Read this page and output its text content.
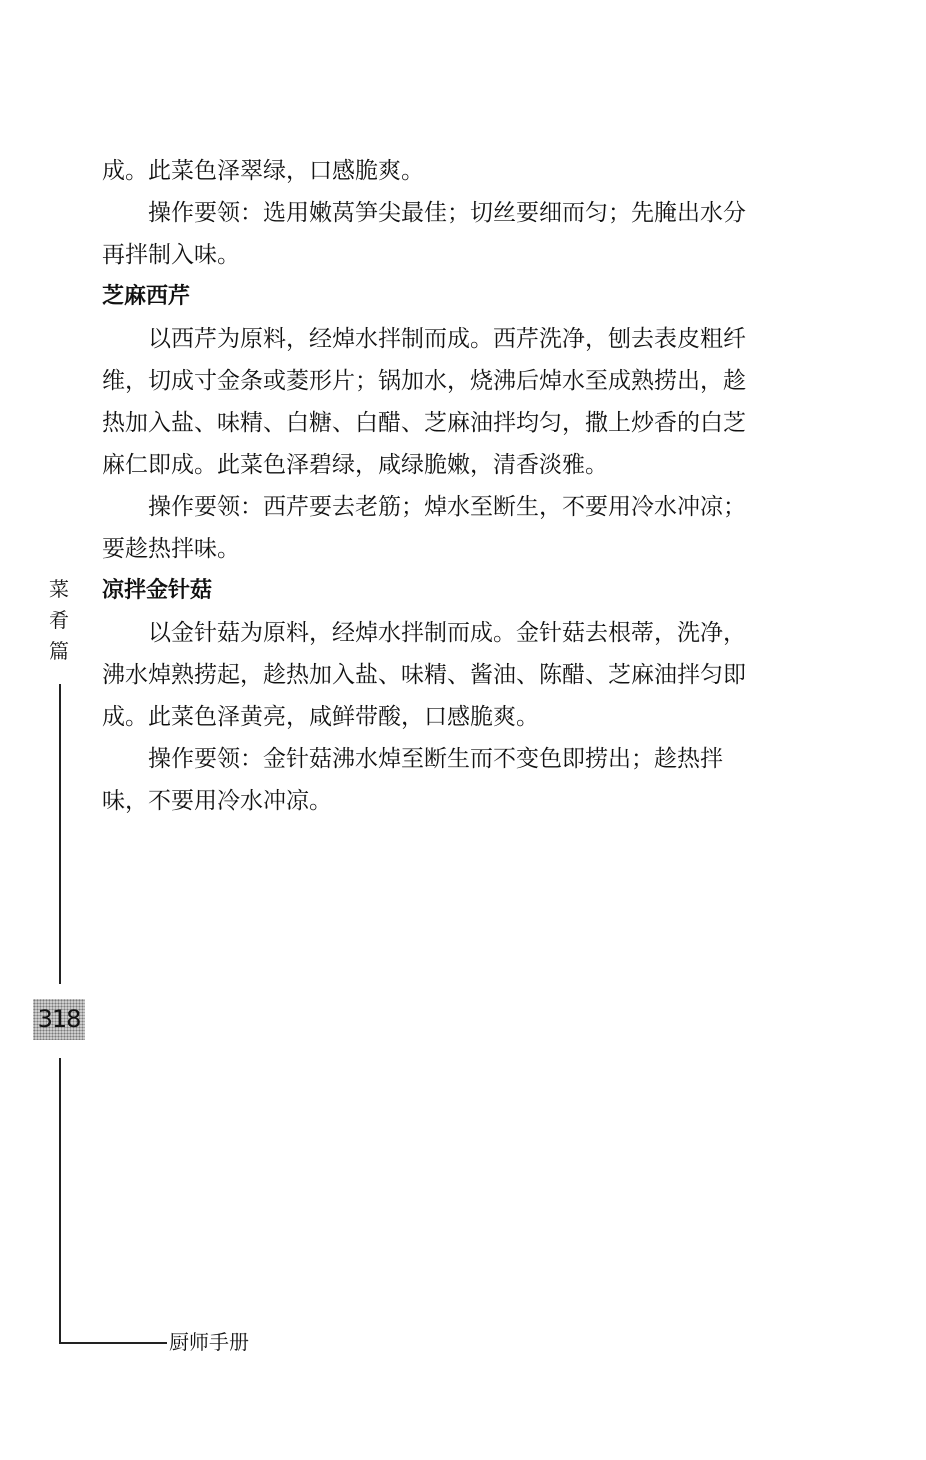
成。此菜色泽翠绿，口感脆爽。
　　操作要领：选用嫩莴笋尖最佳；切丝要细而匀；先腌出水分
再拌制入味。
芝麻西芹
　　以西芹为原料，经焯水拌制而成。西芹洗净，刨去表皮粗纤
维，切成寸金条或菱形片；锅加水，烧沸后焯水至成熟捞出，趁
热加入盐、味精、白糖、白醋、芝麻油拌均匀，撒上炒香的白芝
麻仁即成。此菜色泽碧绿，咸绿脆嫩，清香淡雅。
　　操作要领：西芹要去老筋；焯水至断生，不要用冷水冲凉；
要趁热拌味。
凉拌金针菇
　　以金针菇为原料，经焯水拌制而成。金针菇去根蒂，洗净，
沸水焯熟捞起，趁热加入盐、味精、酱油、陈醋、芝麻油拌匀即
成。此菜色泽黄亮，咸鲜带酸，口感脆爽。
　　操作要领：金针菇沸水焯至断生而不变色即捞出；趁热拌
味，不要用冷水冲凉。
菜
肴
篇
318
厨师手册
